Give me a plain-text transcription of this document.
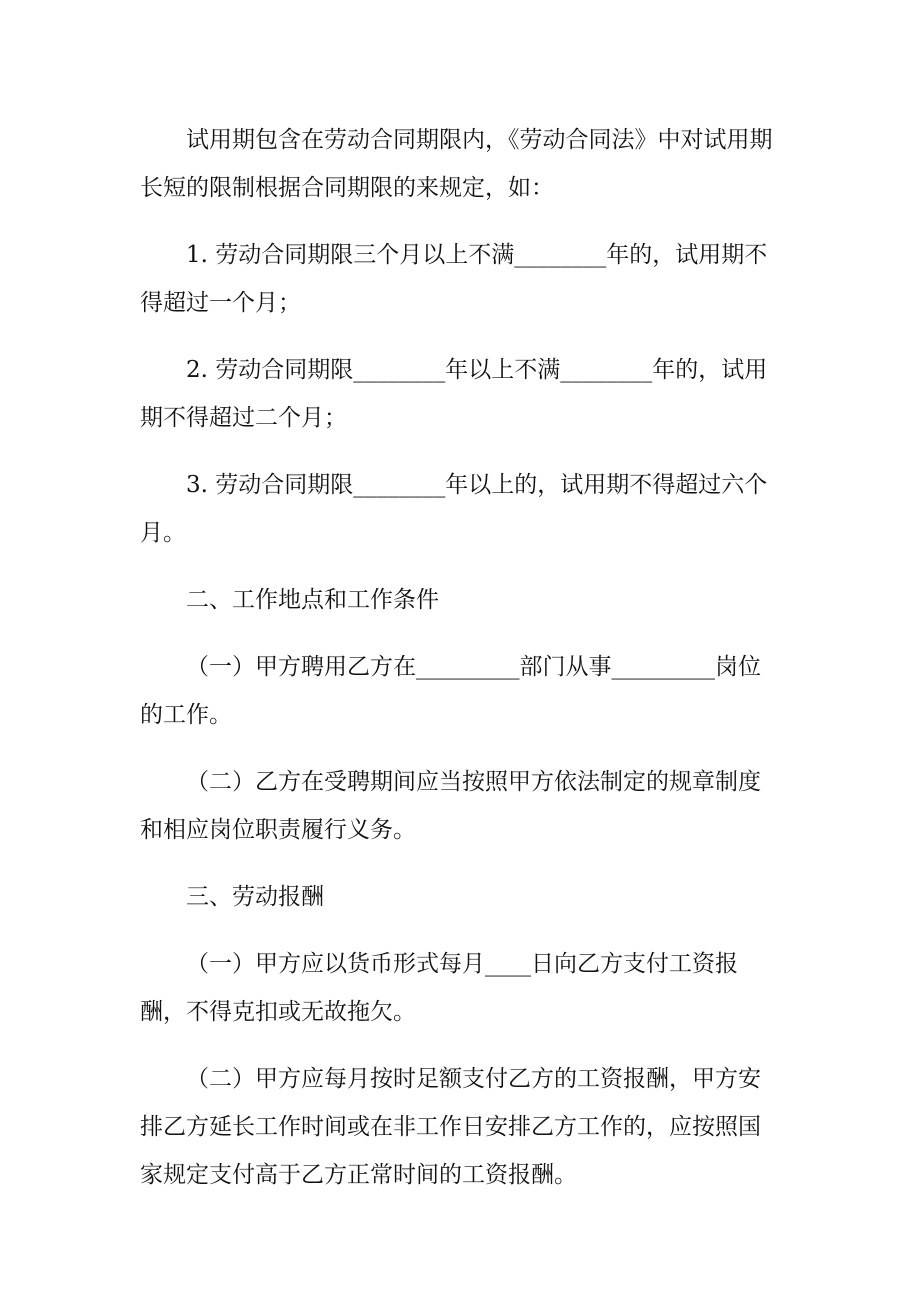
试用期包含在劳动合同期限内，《劳动合同法》中对试用期长短的限制根据合同期限的来规定，如：

1. 劳动合同期限三个月以上不满________年的，试用期不得超过一个月；

2. 劳动合同期限________年以上不满________年的，试用期不得超过二个月；

3. 劳动合同期限________年以上的，试用期不得超过六个月。

二、工作地点和工作条件

（一）甲方聘用乙方在_________部门从事_________岗位的工作。

（二）乙方在受聘期间应当按照甲方依法制定的规章制度和相应岗位职责履行义务。

三、劳动报酬

（一）甲方应以货币形式每月____日向乙方支付工资报酬，不得克扣或无故拖欠。

（二）甲方应每月按时足额支付乙方的工资报酬，甲方安排乙方延长工作时间或在非工作日安排乙方工作的，应按照国家规定支付高于乙方正常时间的工资报酬。
